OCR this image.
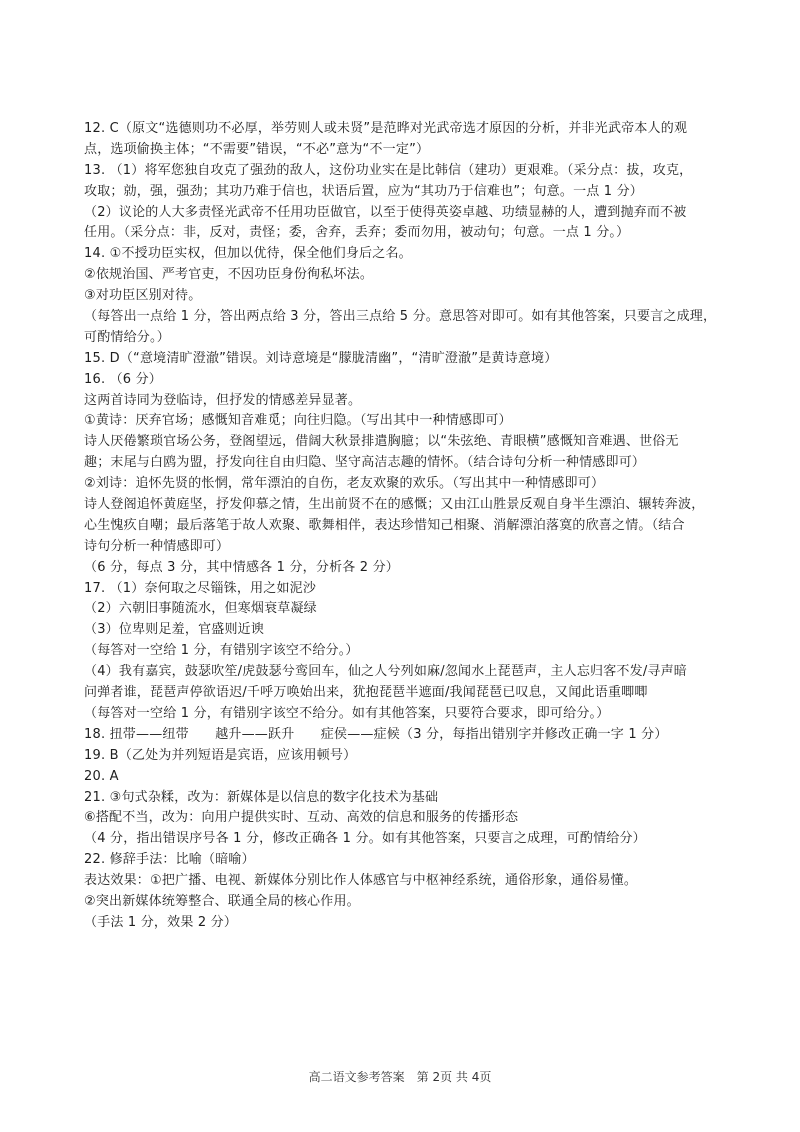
12. C（原文“选德则功不必厚，举劳则人或未贤”是范晔对光武帝选才原因的分析，并非光武帝本人的观
点，选项偷换主体；“不需要”错误，“不必”意为“不一定”）
13. （1）将军您独自攻克了强劲的敌人，这份功业实在是比韩信（建功）更艰难。（采分点：拔，攻克，
攻取；勍，强，强劲；其功乃难于信也，状语后置，应为“其功乃于信难也”；句意。一点 1 分）
（2）议论的人大多责怪光武帝不任用功臣做官，以至于使得英姿卓越、功绩显赫的人，遭到抛弃而不被
任用。（采分点：非，反对，责怪；委，舍弃，丢弃；委而勿用，被动句；句意。一点 1 分。）
14. ①不授功臣实权，但加以优待，保全他们身后之名。
②依规治国、严考官吏，不因功臣身份徇私坏法。
③对功臣区别对待。
（每答出一点给 1 分，答出两点给 3 分，答出三点给 5 分。意思答对即可。如有其他答案，只要言之成理，
可酌情给分。）
15. D（“意境清旷澄澈”错误。刘诗意境是“朦胧清幽”，“清旷澄澈”是黄诗意境）
16. （6 分）
这两首诗同为登临诗，但抒发的情感差异显著。
①黄诗：厌弃官场；感慨知音难觅；向往归隐。（写出其中一种情感即可）
诗人厌倦繁琐官场公务，登阁望远，借阔大秋景排遣胸臆；以“朱弦绝、青眼横”感慨知音难遇、世俗无
趣；末尾与白鸥为盟，抒发向往自由归隐、坚守高洁志趣的情怀。（结合诗句分析一种情感即可）
②刘诗：追怀先贤的怅惘，常年漂泊的自伤，老友欢聚的欢乐。（写出其中一种情感即可）
诗人登阁追怀黄庭坚，抒发仰慕之情，生出前贤不在的感慨；又由江山胜景反观自身半生漂泊、辗转奔波，
心生愧疚自嘲；最后落笔于故人欢聚、歌舞相伴，表达珍惜知己相聚、消解漂泊落寞的欣喜之情。（结合
诗句分析一种情感即可）
（6 分，每点 3 分，其中情感各 1 分，分析各 2 分）
17. （1）奈何取之尽锱铢，用之如泥沙
（2）六朝旧事随流水，但寒烟衰草凝绿
（3）位卑则足羞，官盛则近谀
（每答对一空给 1 分，有错别字该空不给分。）
（4）我有嘉宾，鼓瑟吹笙/虎鼓瑟兮鸾回车，仙之人兮列如麻/忽闻水上琵琶声，主人忘归客不发/寻声暗
问弹者谁，琵琶声停欲语迟/千呼万唤始出来，犹抱琵琶半遮面/我闻琵琶已叹息，又闻此语重唧唧
（每答对一空给 1 分，有错别字该空不给分。如有其他答案，只要符合要求，即可给分。）
18. 扭带——纽带　　越升——跃升　　症侯——症候（3 分，每指出错别字并修改正确一字 1 分）
19. B（乙处为并列短语是宾语，应该用顿号）
20. A
21. ③句式杂糅，改为：新媒体是以信息的数字化技术为基础
⑥搭配不当，改为：向用户提供实时、互动、高效的信息和服务的传播形态
（4 分，指出错误序号各 1 分，修改正确各 1 分。如有其他答案，只要言之成理，可酌情给分）
22. 修辞手法：比喻（暗喻）
表达效果：①把广播、电视、新媒体分别比作人体感官与中枢神经系统，通俗形象，通俗易懂。
②突出新媒体统筹整合、联通全局的核心作用。
（手法 1 分，效果 2 分）
高二语文参考答案　第 2页 共 4页
